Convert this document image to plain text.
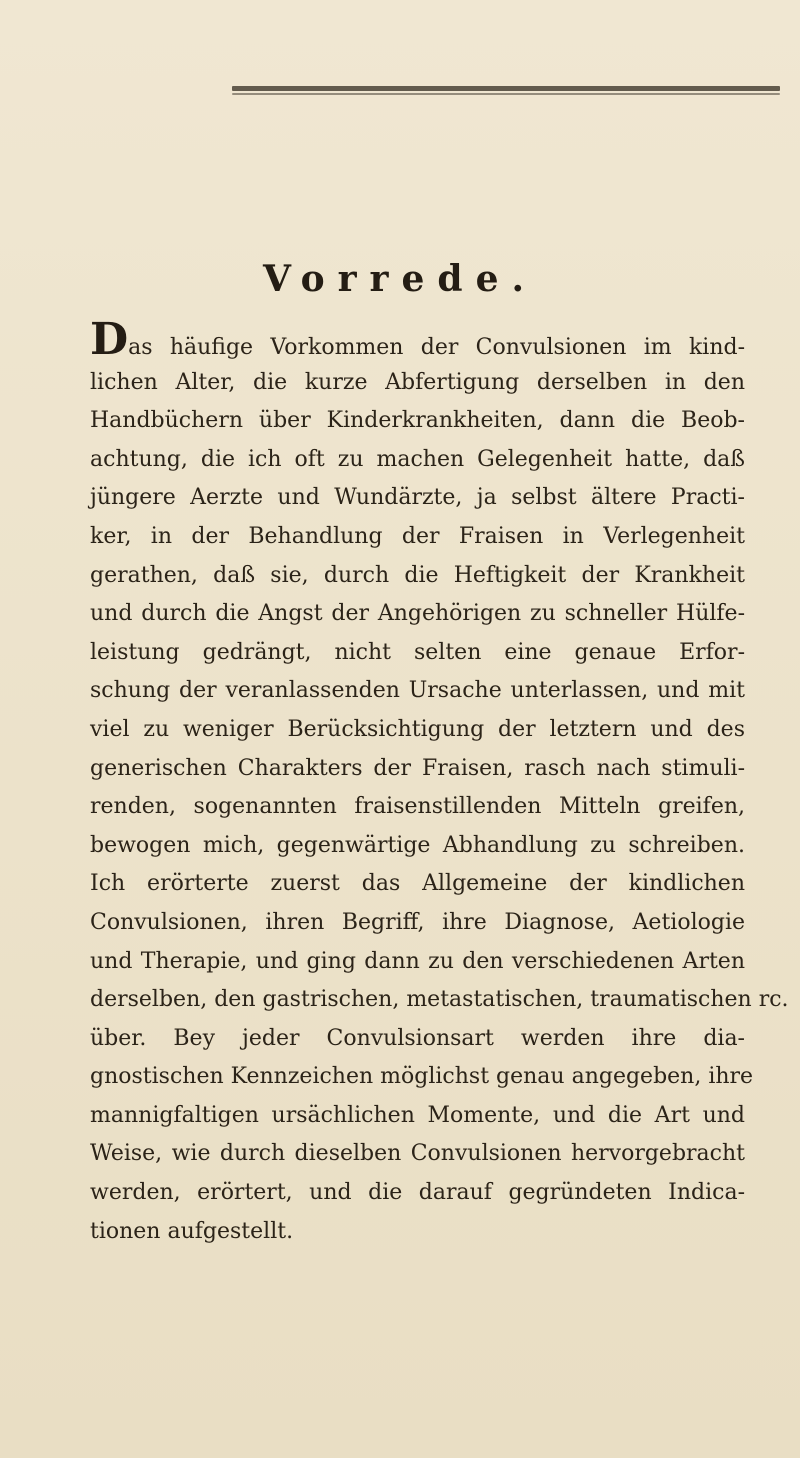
Vorrede.
Das häufige Vorkommen der Convulsionen im kind-
lichen Alter, die kurze Abfertigung derselben in den
Handbüchern über Kinderkrankheiten, dann die Beob-
achtung, die ich oft zu machen Gelegenheit hatte, daß
jüngere Aerzte und Wundärzte, ja selbst ältere Practi-
ker, in der Behandlung der Fraisen in Verlegenheit
gerathen, daß sie, durch die Heftigkeit der Krankheit
und durch die Angst der Angehörigen zu schneller Hülfe-
leistung gedrängt, nicht selten eine genaue Erfor-
schung der veranlassenden Ursache unterlassen, und mit
viel zu weniger Berücksichtigung der letztern und des
generischen Charakters der Fraisen, rasch nach stimuli-
renden, sogenannten fraisenstillenden Mitteln greifen,
bewogen mich, gegenwärtige Abhandlung zu schreiben.
Ich erörterte zuerst das Allgemeine der kindlichen
Convulsionen, ihren Begriff, ihre Diagnose, Aetiologie
und Therapie, und ging dann zu den verschiedenen Arten
derselben, den gastrischen, metastatischen, traumatischen rc.
über. Bey jeder Convulsionsart werden ihre dia-
gnostischen Kennzeichen möglichst genau angegeben, ihre
mannigfaltigen ursächlichen Momente, und die Art und
Weise, wie durch dieselben Convulsionen hervorgebracht
werden, erörtert, und die darauf gegründeten Indica-
tionen aufgestellt.
